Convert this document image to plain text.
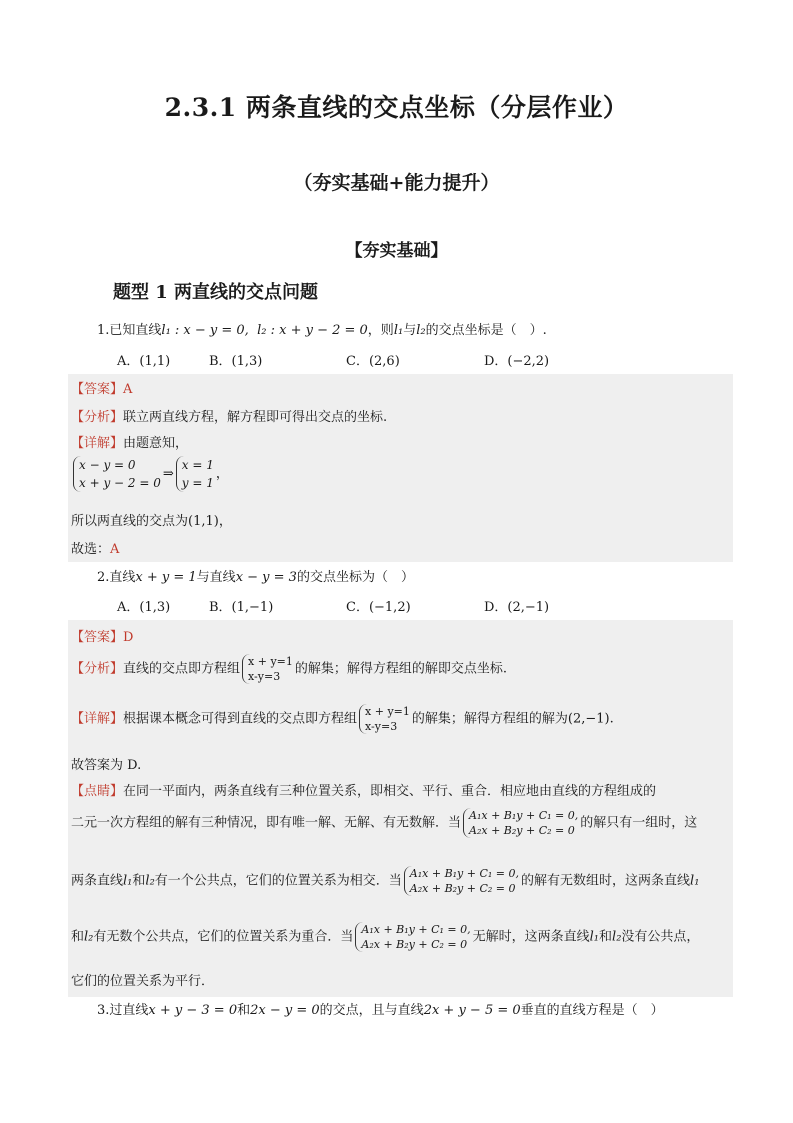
2.3.1 两条直线的交点坐标（分层作业）
（夯实基础+能力提升）
【夯实基础】
题型 1 两直线的交点问题
1.已知直线l₁ : x − y = 0, l₂ : x + y − 2 = 0，则l₁与l₂的交点坐标是（　）.
A．(1,1)	B．(1,3)	C．(2,6)	D．(−2,2)
【答案】A
【分析】联立两直线方程，解方程即可得出交点的坐标.
【详解】由题意知，
x − y = 0
x + y − 2 = 0⇒x = 1
y = 1，
所以两直线的交点为(1,1)，
故选：A
2.直线x + y = 1与直线x − y = 3的交点坐标为（　）
A．(1,3)	B．(1,−1)	C．(−1,2)	D．(2,−1)
【答案】D
【分析】直线的交点即方程组 x + y=1
x-y=3 的解集；解得方程组的解即交点坐标.
【详解】根据课本概念可得到直线的交点即方程组 x + y=1
x-y=3 的解集；解得方程组的解为(2,−1).
故答案为 D.
【点睛】在同一平面内，两条直线有三种位置关系，即相交、平行、重合．相应地由直线的方程组成的
二元一次方程组的解有三种情况，即有唯一解、无解、有无数解．当 A₁x + B₁y + C₁ = 0,
A₂x + B₂y + C₂ = 0 的解只有一组时，这
两条直线l₁和l₂有一个公共点，它们的位置关系为相交．当 A₁x + B₁y + C₁ = 0,
A₂x + B₂y + C₂ = 0 的解有无数组时，这两条直线l₁
和l₂有无数个公共点，它们的位置关系为重合．当 A₁x + B₁y + C₁ = 0,
A₂x + B₂y + C₂ = 0 无解时，这两条直线l₁和l₂没有公共点，
它们的位置关系为平行．
3.过直线x + y − 3 = 0和2x − y = 0的交点，且与直线2x + y − 5 = 0垂直的直线方程是（　）
